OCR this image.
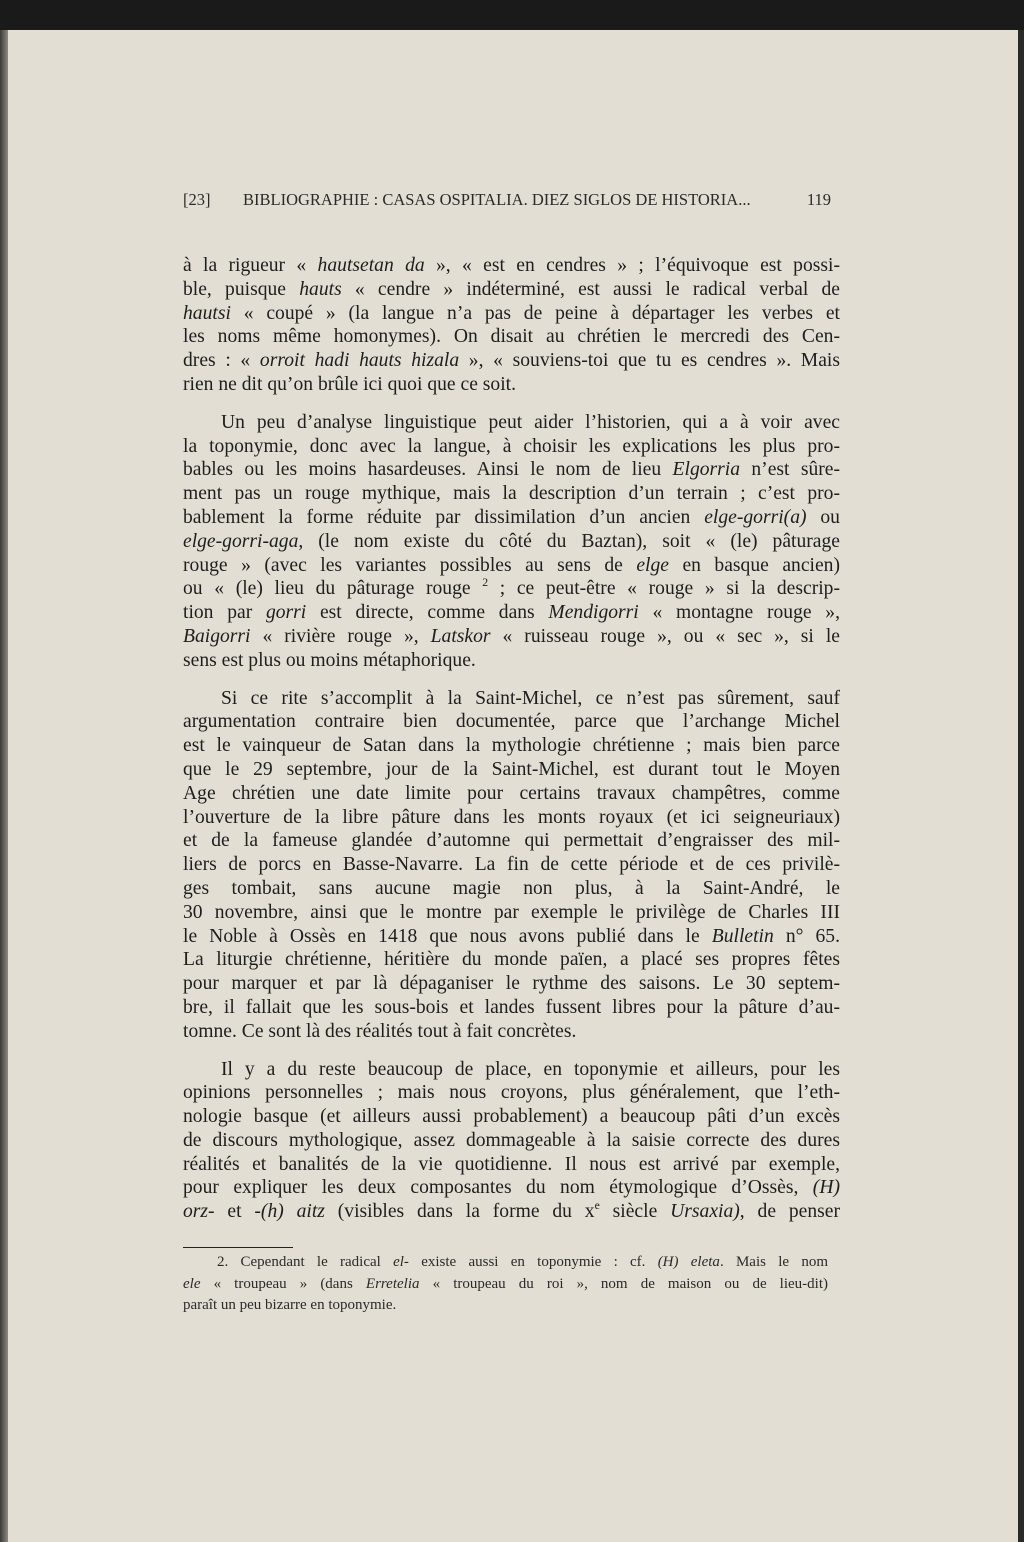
[23]	BIBLIOGRAPHIE : CASAS OSPITALIA. DIEZ SIGLOS DE HISTORIA...	119
à la rigueur « hautsetan da », « est en cendres » ; l’équivoque est possi-
ble, puisque hauts « cendre » indéterminé, est aussi le radical verbal de
hautsi « coupé » (la langue n’a pas de peine à départager les verbes et
les noms même homonymes). On disait au chrétien le mercredi des Cen-
dres : « orroit hadi hauts hizala », « souviens-toi que tu es cendres ». Mais
rien ne dit qu’on brûle ici quoi que ce soit.
Un peu d’analyse linguistique peut aider l’historien, qui a à voir avec
la toponymie, donc avec la langue, à choisir les explications les plus pro-
bables ou les moins hasardeuses. Ainsi le nom de lieu Elgorria n’est sûre-
ment pas un rouge mythique, mais la description d’un terrain ; c’est pro-
bablement la forme réduite par dissimilation d’un ancien elge-gorri(a) ou
elge-gorri-aga, (le nom existe du côté du Baztan), soit « (le) pâturage
rouge » (avec les variantes possibles au sens de elge en basque ancien)
ou « (le) lieu du pâturage rouge $^2$ ; ce peut-être « rouge » si la descrip-
tion par gorri est directe, comme dans Mendigorri « montagne rouge »,
Baigorri « rivière rouge », Latskor « ruisseau rouge », ou « sec », si le
sens est plus ou moins métaphorique.
Si ce rite s’accomplit à la Saint-Michel, ce n’est pas sûrement, sauf
argumentation contraire bien documentée, parce que l’archange Michel
est le vainqueur de Satan dans la mythologie chrétienne ; mais bien parce
que le 29 septembre, jour de la Saint-Michel, est durant tout le Moyen
Age chrétien une date limite pour certains travaux champêtres, comme
l’ouverture de la libre pâture dans les monts royaux (et ici seigneuriaux)
et de la fameuse glandée d’automne qui permettait d’engraisser des mil-
liers de porcs en Basse-Navarre. La fin de cette période et de ces privilè-
ges tombait, sans aucune magie non plus, à la Saint-André, le
30 novembre, ainsi que le montre par exemple le privilège de Charles III
le Noble à Ossès en 1418 que nous avons publié dans le Bulletin n° 65.
La liturgie chrétienne, héritière du monde païen, a placé ses propres fêtes
pour marquer et par là dépaganiser le rythme des saisons. Le 30 septem-
bre, il fallait que les sous-bois et landes fussent libres pour la pâture d’au-
tomne. Ce sont là des réalités tout à fait concrètes.
Il y a du reste beaucoup de place, en toponymie et ailleurs, pour les
opinions personnelles ; mais nous croyons, plus généralement, que l’eth-
nologie basque (et ailleurs aussi probablement) a beaucoup pâti d’un excès
de discours mythologique, assez dommageable à la saisie correcte des dures
réalités et banalités de la vie quotidienne. Il nous est arrivé par exemple,
pour expliquer les deux composantes du nom étymologique d’Ossès, (H)
orz- et -(h) aitz (visibles dans la forme du $x^e$ siècle Ursaxia), de penser
2. Cependant le radical el- existe aussi en toponymie : cf. (H) eleta. Mais le nom
ele « troupeau » (dans Erretelia « troupeau du roi », nom de maison ou de lieu-dit)
paraît un peu bizarre en toponymie.
